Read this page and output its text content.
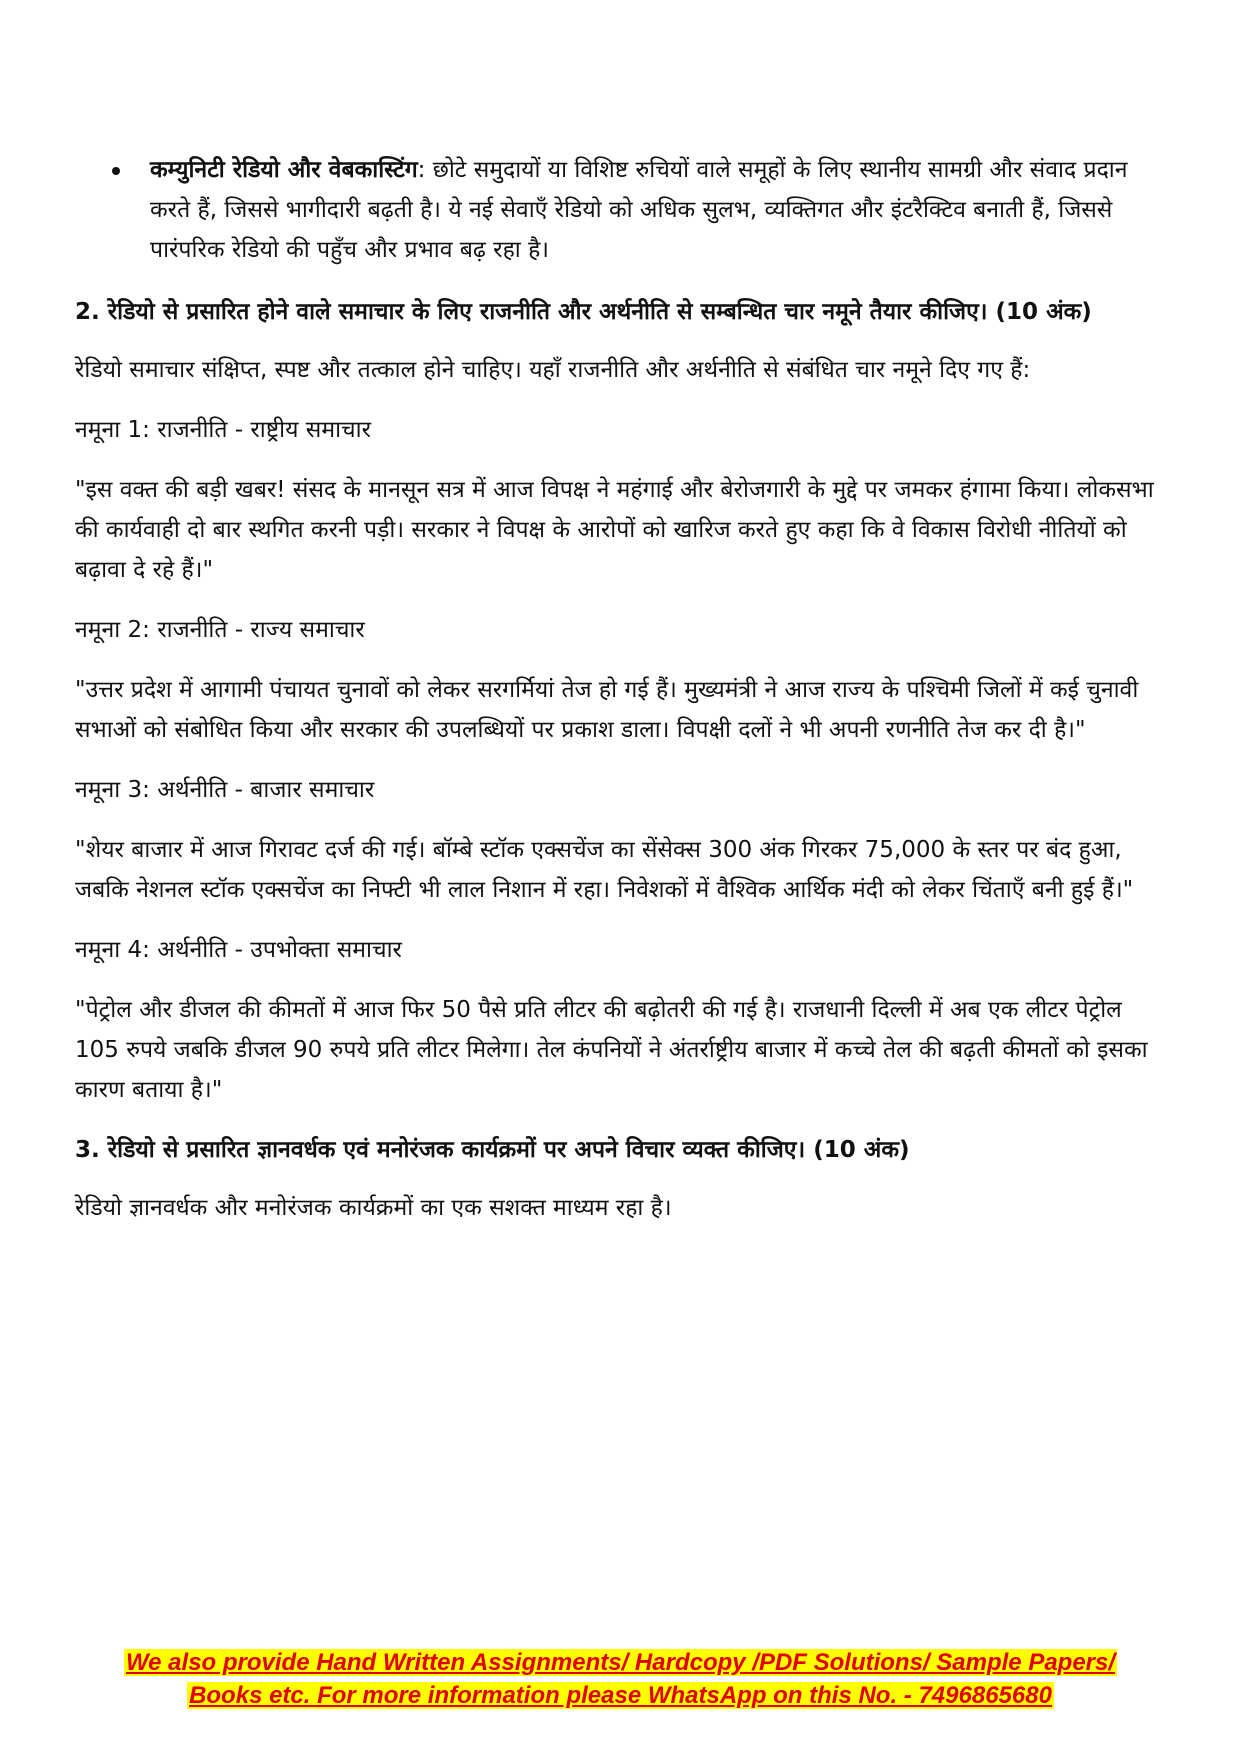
कम्युनिटी रेडियो और वेबकास्टिंग: छोटे समुदायों या विशिष्ट रुचियों वाले समूहों के लिए स्थानीय सामग्री और संवाद प्रदान करते हैं, जिससे भागीदारी बढ़ती है। ये नई सेवाएँ रेडियो को अधिक सुलभ, व्यक्तिगत और इंटरैक्टिव बनाती हैं, जिससे पारंपरिक रेडियो की पहुँच और प्रभाव बढ़ रहा है।

2. रेडियो से प्रसारित होने वाले समाचार के लिए राजनीति और अर्थनीति से सम्बन्धित चार नमूने तैयार कीजिए। (10 अंक)

रेडियो समाचार संक्षिप्त, स्पष्ट और तत्काल होने चाहिए। यहाँ राजनीति और अर्थनीति से संबंधित चार नमूने दिए गए हैं:

नमूना 1: राजनीति - राष्ट्रीय समाचार

"इस वक्त की बड़ी खबर! संसद के मानसून सत्र में आज विपक्ष ने महंगाई और बेरोजगारी के मुद्दे पर जमकर हंगामा किया। लोकसभा की कार्यवाही दो बार स्थगित करनी पड़ी। सरकार ने विपक्ष के आरोपों को खारिज करते हुए कहा कि वे विकास विरोधी नीतियों को बढ़ावा दे रहे हैं।"

नमूना 2: राजनीति - राज्य समाचार

"उत्तर प्रदेश में आगामी पंचायत चुनावों को लेकर सरगर्मियां तेज हो गई हैं। मुख्यमंत्री ने आज राज्य के पश्चिमी जिलों में कई चुनावी सभाओं को संबोधित किया और सरकार की उपलब्धियों पर प्रकाश डाला। विपक्षी दलों ने भी अपनी रणनीति तेज कर दी है।"

नमूना 3: अर्थनीति - बाजार समाचार

"शेयर बाजार में आज गिरावट दर्ज की गई। बॉम्बे स्टॉक एक्सचेंज का सेंसेक्स 300 अंक गिरकर 75,000 के स्तर पर बंद हुआ, जबकि नेशनल स्टॉक एक्सचेंज का निफ्टी भी लाल निशान में रहा। निवेशकों में वैश्विक आर्थिक मंदी को लेकर चिंताएँ बनी हुई हैं।"

नमूना 4: अर्थनीति - उपभोक्ता समाचार

"पेट्रोल और डीजल की कीमतों में आज फिर 50 पैसे प्रति लीटर की बढ़ोतरी की गई है। राजधानी दिल्ली में अब एक लीटर पेट्रोल 105 रुपये जबकि डीजल 90 रुपये प्रति लीटर मिलेगा। तेल कंपनियों ने अंतर्राष्ट्रीय बाजार में कच्चे तेल की बढ़ती कीमतों को इसका कारण बताया है।"

3. रेडियो से प्रसारित ज्ञानवर्धक एवं मनोरंजक कार्यक्रमों पर अपने विचार व्यक्त कीजिए। (10 अंक)

रेडियो ज्ञानवर्धक और मनोरंजक कार्यक्रमों का एक सशक्त माध्यम रहा है।

We also provide Hand Written Assignments/ Hardcopy /PDF Solutions/ Sample Papers/
Books etc. For more information please WhatsApp on this No. - 7496865680
